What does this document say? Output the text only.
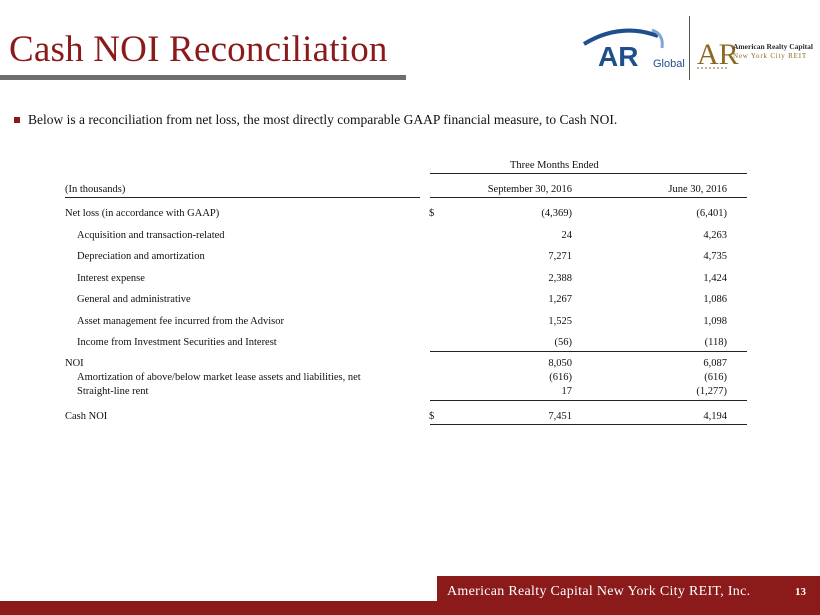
Cash NOI Reconciliation	AR Global AR
American Realty Capital
New York City REIT
Below is a reconciliation from net loss, the most directly comparable GAAP financial measure, to Cash NOI.
Three Months Ended
(In thousands)	September 30, 2016	June 30, 2016
Net loss (in accordance with GAAP)	$	(4,369)	(6,401)
Acquisition and transaction-related	24	4,263
Depreciation and amortization	7,271	4,735
Interest expense	2,388	1,424
General and administrative	1,267	1,086
Asset management fee incurred from the Advisor	1,525	1,098
Income from Investment Securities and Interest	(56)	(118)
NOI	8,050	6,087
Amortization of above/below market lease assets and liabilities, net	(616)	(616)
Straight-line rent	17	(1,277)
Cash NOI	$	7,451	4,194
American Realty Capital New York City REIT, Inc.	13
